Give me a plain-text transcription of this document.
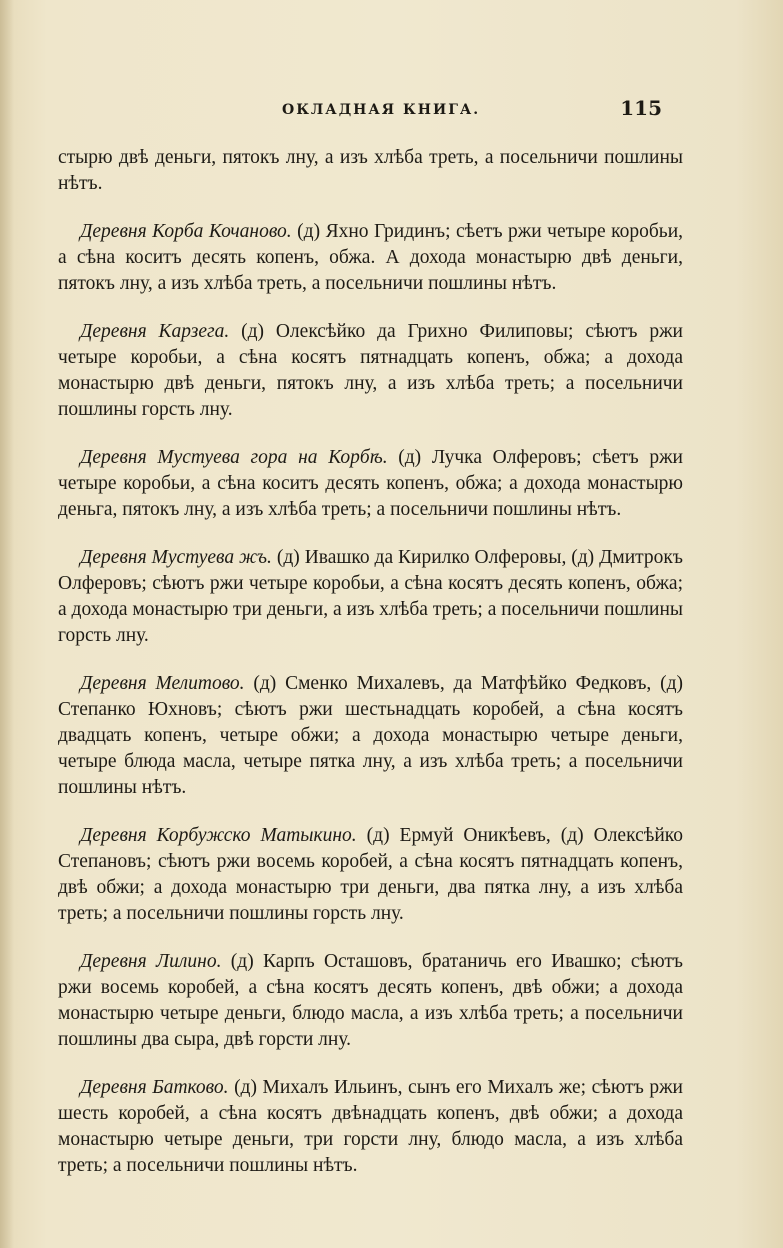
ОКЛАДНАЯ КНИГА.	115

стырю двѣ деньги, пятокъ лну, а изъ хлѣба треть, а посельничи пошлины нѣтъ.

Деревня Корба Кочаново. (д) Яхно Гридинъ; сѣетъ ржи четыре коробьи, а сѣна коситъ десять копенъ, обжа. А дохода монастырю двѣ деньги, пятокъ лну, а изъ хлѣба треть, а посельничи пошлины нѣтъ.

Деревня Карзега. (д) Олексѣйко да Грихно Филиповы; сѣютъ ржи четыре коробьи, а сѣна косятъ пятнадцать копенъ, обжа; а дохода монастырю двѣ деньги, пятокъ лну, а изъ хлѣба треть; а посельничи пошлины горсть лну.

Деревня Мустуева гора на Корбѣ. (д) Лучка Олферовъ; сѣетъ ржи четыре коробьи, а сѣна коситъ десять копенъ, обжа; а дохода монастырю деньга, пятокъ лну, а изъ хлѣба треть; а посельничи пошлины нѣтъ.

Деревня Мустуева жъ. (д) Ивашко да Кирилко Олферовы, (д) Дмитрокъ Олферовъ; сѣютъ ржи четыре коробьи, а сѣна косятъ десять копенъ, обжа; а дохода монастырю три деньги, а изъ хлѣба треть; а посельничи пошлины горсть лну.

Деревня Мелитово. (д) Сменко Михалевъ, да Матфѣйко Федковъ, (д) Степанко Юхновъ; сѣютъ ржи шестьнадцать коробей, а сѣна косятъ двадцать копенъ, четыре обжи; а дохода монастырю четыре деньги, четыре блюда масла, четыре пятка лну, а изъ хлѣба треть; а посельничи пошлины нѣтъ.

Деревня Корбужско Матыкино. (д) Ермуй Оникѣевъ, (д) Олексѣйко Степановъ; сѣютъ ржи восемь коробей, а сѣна косятъ пятнадцать копенъ, двѣ обжи; а дохода монастырю три деньги, два пятка лну, а изъ хлѣба треть; а посельничи пошлины горсть лну.

Деревня Лилино. (д) Карпъ Осташовъ, братаничь его Ивашко; сѣютъ ржи восемь коробей, а сѣна косятъ десять копенъ, двѣ обжи; а дохода монастырю четыре деньги, блюдо масла, а изъ хлѣба треть; а посельничи пошлины два сыра, двѣ горсти лну.

Деревня Батково. (д) Михалъ Ильинъ, сынъ его Михалъ же; сѣютъ ржи шесть коробей, а сѣна косятъ двѣнадцать копенъ, двѣ обжи; а дохода монастырю четыре деньги, три горсти лну, блюдо масла, а изъ хлѣба треть; а посельничи пошлины нѣтъ.
